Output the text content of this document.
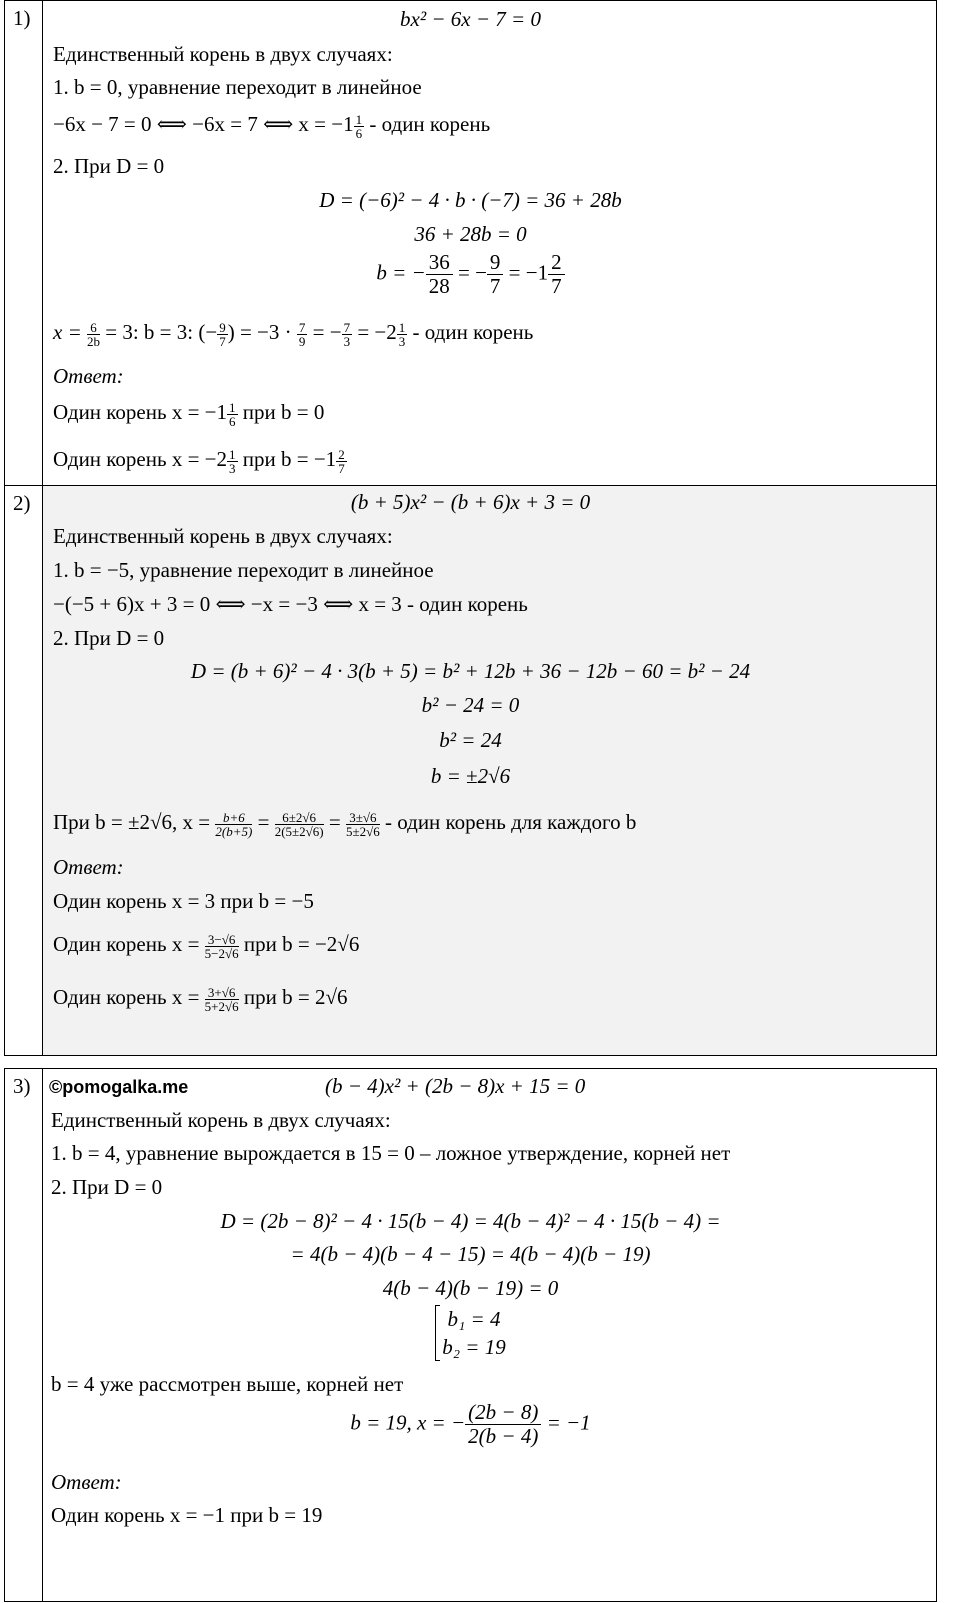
1)	bx² − 6x − 7 = 0
Единственный корень в двух случаях:
1. b = 0, уравнение переходит в линейное
−6x − 7 = 0 ⟺ −6x = 7 ⟺ $x = -1 \frac{1}{6}$ - один корень
2. При D = 0
D = (−6)² − 4 · b · (−7) = 36 + 28b
36 + 28b = 0
b = − $\frac{36}{28}$ = − $\frac{9}{7} = -1 \frac{2}{7}$
$x = \frac{6}{2b} = 3$: b = 3: (− $\frac{9}{7}$ ) = $-3 \cdot \frac{7}{9}$ = − $\frac{7}{3} = -2 \frac{1}{3}$ - один корень
Ответ:
Один корень $x = -1 \frac{1}{6}$ при b = 0
Один корень $x = -2 \frac{1}{3}$ при $b = -1 \frac{2}{7}$
2)	(b + 5)x² − (b + 6)x + 3 = 0
Единственный корень в двух случаях:
1. b = −5, уравнение переходит в линейное
−(−5 + 6)x + 3 = 0 ⟺ −x = −3 ⟺ x = 3 - один корень
2. При D = 0
D = (b + 6)² − 4 · 3(b + 5) = b² + 12b + 36 − 12b − 60 = b² − 24
b² − 24 = 0
b² = 24
b = ±2√6
При b = ±2√6, $x = \frac{b+6}{2(b+5)} = \frac{6\pm 2√6}{2(5\pm 2√6)} = \frac{3\pm√6}{5\pm 2√6}$ - один корень для каждого b
Ответ:
Один корень x = 3 при b = −5
Один корень $x = \frac{3-√6}{5-2√6}$ при b = −2√6
Один корень $x = \frac{3+√6}{5+2√6}$ при b = 2√6
3) ©pomogalka.me	(b − 4)x² + (2b − 8)x + 15 = 0
Единственный корень в двух случаях:
1. b = 4, уравнение вырождается в 15 = 0 – ложное утверждение, корней нет
2. При D = 0
D = (2b − 8)² − 4 · 15(b − 4) = 4(b − 4)² − 4 · 15(b − 4) =
= 4(b − 4)(b − 4 − 15) = 4(b − 4)(b − 19)
4(b − 4)(b − 19) = 0
b₁ = 4
b₂ = 19
b = 4 уже рассмотрен выше, корней нет
b = 19, x = − $\frac{(2b - 8)}{2(b - 4)} = -1$
Ответ:
Один корень x = −1 при b = 19
